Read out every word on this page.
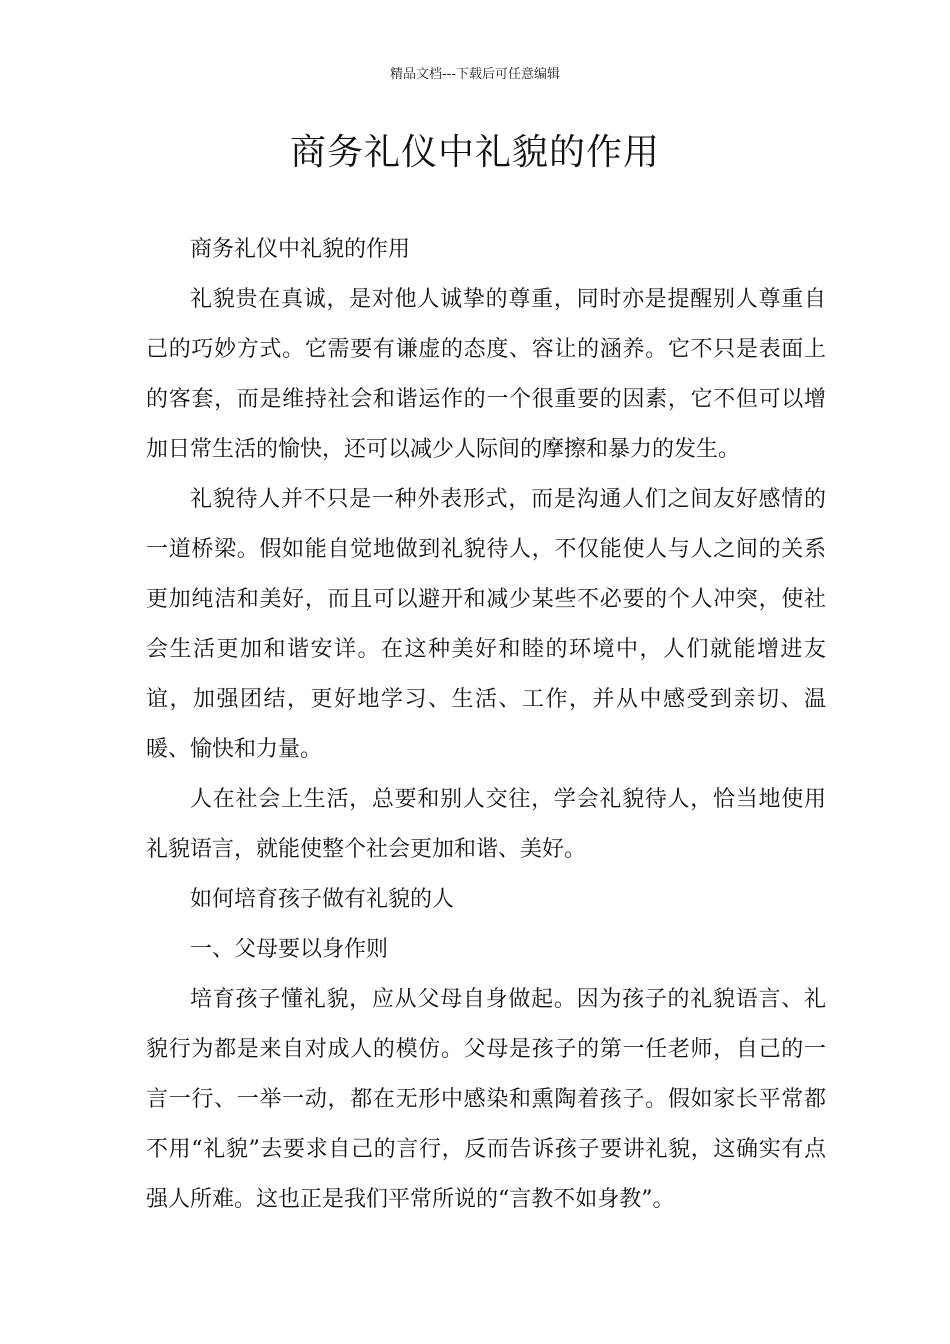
精品文档---下载后可任意编辑
商务礼仪中礼貌的作用

商务礼仪中礼貌的作用

礼貌贵在真诚，是对他人诚挚的尊重，同时亦是提醒别人尊重自己的巧妙方式。它需要有谦虚的态度、容让的涵养。它不只是表面上的客套，而是维持社会和谐运作的一个很重要的因素，它不但可以增加日常生活的愉快，还可以减少人际间的摩擦和暴力的发生。

礼貌待人并不只是一种外表形式，而是沟通人们之间友好感情的一道桥梁。假如能自觉地做到礼貌待人，不仅能使人与人之间的关系更加纯洁和美好，而且可以避开和减少某些不必要的个人冲突，使社会生活更加和谐安详。在这种美好和睦的环境中，人们就能增进友谊，加强团结，更好地学习、生活、工作，并从中感受到亲切、温暖、愉快和力量。

人在社会上生活，总要和别人交往，学会礼貌待人，恰当地使用礼貌语言，就能使整个社会更加和谐、美好。

如何培育孩子做有礼貌的人

一、父母要以身作则

培育孩子懂礼貌，应从父母自身做起。因为孩子的礼貌语言、礼貌行为都是来自对成人的模仿。父母是孩子的第一任老师，自己的一言一行、一举一动，都在无形中感染和熏陶着孩子。假如家长平常都不用“礼貌”去要求自己的言行，反而告诉孩子要讲礼貌，这确实有点强人所难。这也正是我们平常所说的“言教不如身教”。
